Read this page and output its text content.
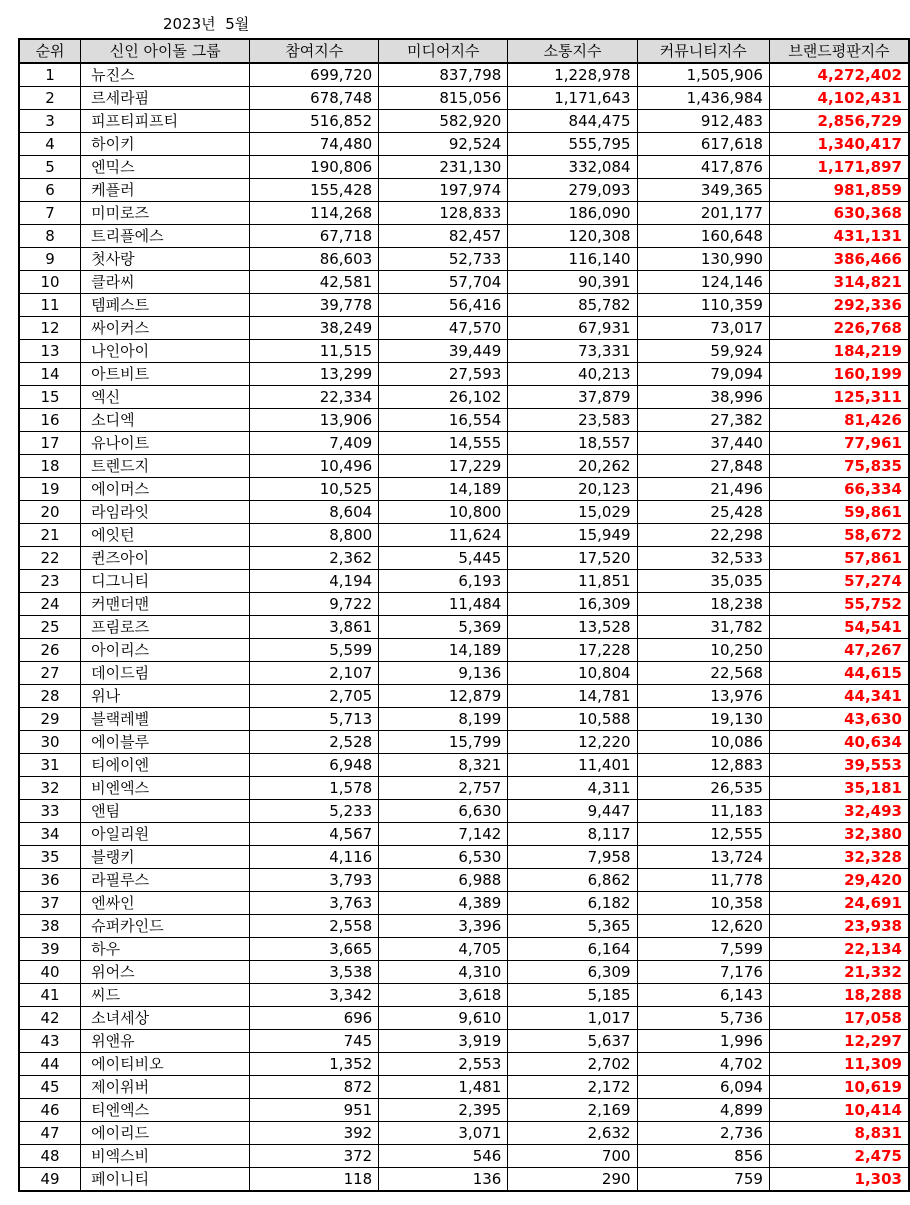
2023년  5월
순위	신인 아이돌 그룹	참여지수	미디어지수	소통지수	커뮤니티지수	브랜드평판지수
1	뉴진스	699,720	837,798	1,228,978	1,505,906	4,272,402
2	르세라핌	678,748	815,056	1,171,643	1,436,984	4,102,431
3	피프티피프티	516,852	582,920	844,475	912,483	2,856,729
4	하이키	74,480	92,524	555,795	617,618	1,340,417
5	엔믹스	190,806	231,130	332,084	417,876	1,171,897
6	케플러	155,428	197,974	279,093	349,365	981,859
7	미미로즈	114,268	128,833	186,090	201,177	630,368
8	트리플에스	67,718	82,457	120,308	160,648	431,131
9	첫사랑	86,603	52,733	116,140	130,990	386,466
10	클라씨	42,581	57,704	90,391	124,146	314,821
11	템페스트	39,778	56,416	85,782	110,359	292,336
12	싸이커스	38,249	47,570	67,931	73,017	226,768
13	나인아이	11,515	39,449	73,331	59,924	184,219
14	아트비트	13,299	27,593	40,213	79,094	160,199
15	엑신	22,334	26,102	37,879	38,996	125,311
16	소디엑	13,906	16,554	23,583	27,382	81,426
17	유나이트	7,409	14,555	18,557	37,440	77,961
18	트렌드지	10,496	17,229	20,262	27,848	75,835
19	에이머스	10,525	14,189	20,123	21,496	66,334
20	라임라잇	8,604	10,800	15,029	25,428	59,861
21	에잇턴	8,800	11,624	15,949	22,298	58,672
22	퀸즈아이	2,362	5,445	17,520	32,533	57,861
23	디그니티	4,194	6,193	11,851	35,035	57,274
24	커맨더맨	9,722	11,484	16,309	18,238	55,752
25	프림로즈	3,861	5,369	13,528	31,782	54,541
26	아이리스	5,599	14,189	17,228	10,250	47,267
27	데이드림	2,107	9,136	10,804	22,568	44,615
28	위나	2,705	12,879	14,781	13,976	44,341
29	블랙레벨	5,713	8,199	10,588	19,130	43,630
30	에이블루	2,528	15,799	12,220	10,086	40,634
31	티에이엔	6,948	8,321	11,401	12,883	39,553
32	비엔엑스	1,578	2,757	4,311	26,535	35,181
33	앤팀	5,233	6,630	9,447	11,183	32,493
34	아일리원	4,567	7,142	8,117	12,555	32,380
35	블랭키	4,116	6,530	7,958	13,724	32,328
36	라필루스	3,793	6,988	6,862	11,778	29,420
37	엔싸인	3,763	4,389	6,182	10,358	24,691
38	슈퍼카인드	2,558	3,396	5,365	12,620	23,938
39	하우	3,665	4,705	6,164	7,599	22,134
40	위어스	3,538	4,310	6,309	7,176	21,332
41	씨드	3,342	3,618	5,185	6,143	18,288
42	소녀세상	696	9,610	1,017	5,736	17,058
43	위앤유	745	3,919	5,637	1,996	12,297
44	에이티비오	1,352	2,553	2,702	4,702	11,309
45	제이위버	872	1,481	2,172	6,094	10,619
46	티엔엑스	951	2,395	2,169	4,899	10,414
47	에이리드	392	3,071	2,632	2,736	8,831
48	비엑스비	372	546	700	856	2,475
49	페이니티	118	136	290	759	1,303
